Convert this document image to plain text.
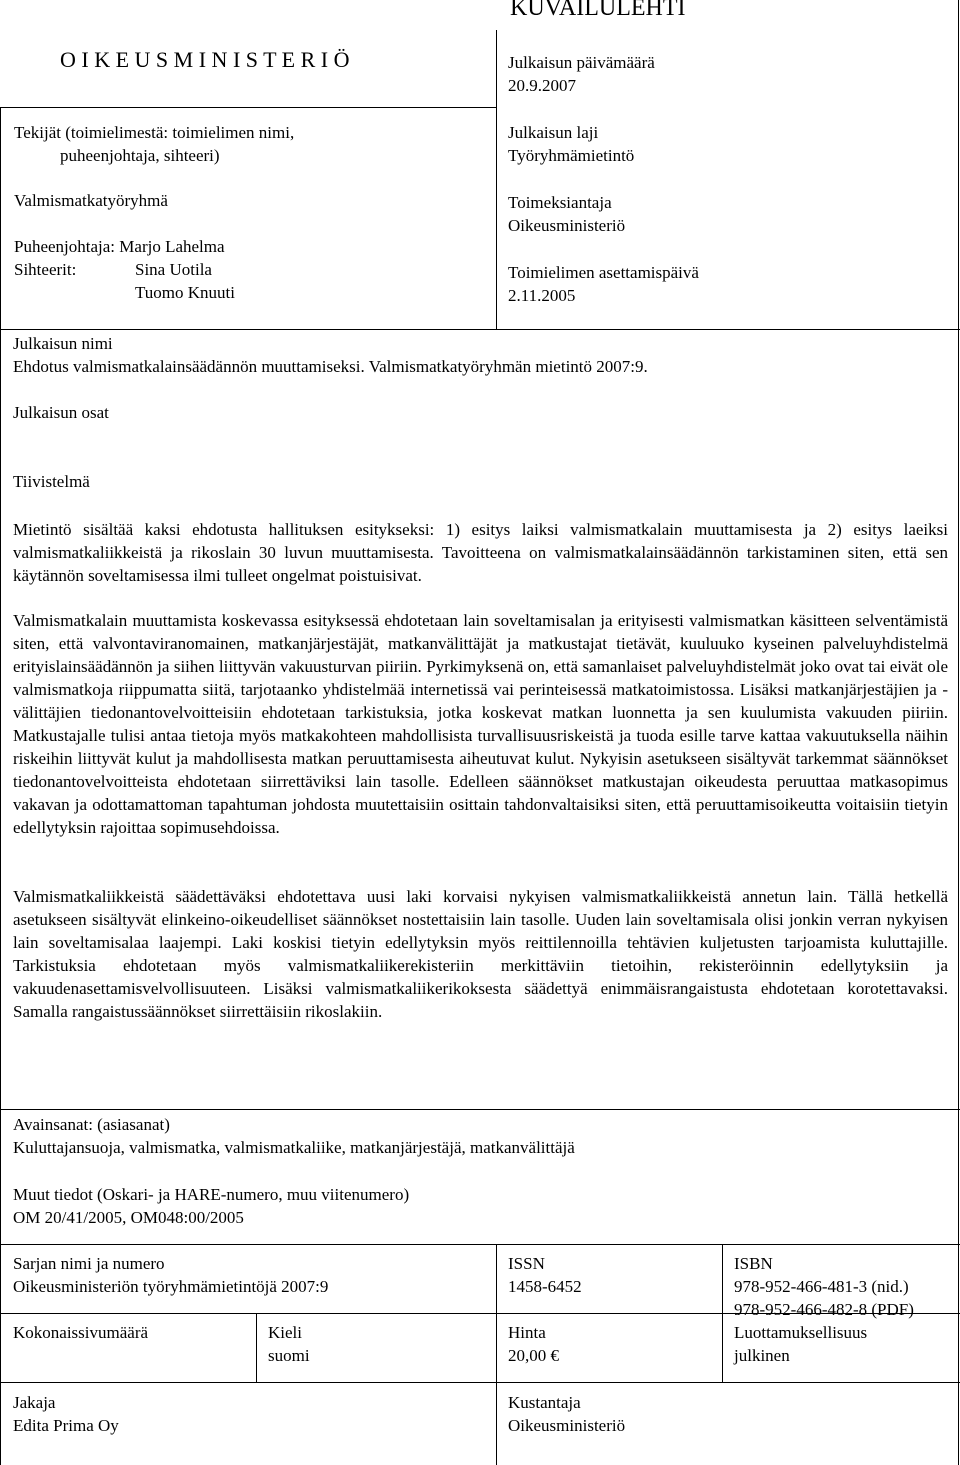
KUVAILULEHTI
O I K E U S M I N I S T E R I Ö
Tekijät (toimielimestä: toimielimen nimi,
puheenjohtaja, sihteeri)
Valmismatkatyöryhmä
Puheenjohtaja: Marjo Lahelma
Sihteerit:	Sina Uotila
Tuomo Knuuti
Julkaisun päivämäärä
20.9.2007
Julkaisun laji
Työryhmämietintö
Toimeksiantaja
Oikeusministeriö
Toimielimen asettamispäivä
2.11.2005
Julkaisun nimi
Ehdotus valmismatkalainsäädännön muuttamiseksi. Valmismatkatyöryhmän mietintö 2007:9.
Julkaisun osat
Tiivistelmä
Mietintö sisältää kaksi ehdotusta hallituksen esitykseksi: 1) esitys laiksi valmismatkalain muuttamisesta ja 2) esitys laeiksi valmismatkaliikkeistä ja rikoslain 30 luvun muuttamisesta. Tavoitteena on valmismatkalainsäädännön tarkistaminen siten, että sen käytännön soveltamisessa ilmi tulleet ongelmat poistuisivat.
Valmismatkalain muuttamista koskevassa esityksessä ehdotetaan lain soveltamisalan ja erityisesti valmismatkan käsitteen selventämistä siten, että valvontaviranomainen, matkanjärjestäjät, matkanvälittäjät ja matkustajat tietävät, kuuluuko kyseinen palveluyhdistelmä erityislainsäädännön ja siihen liittyvän vakuusturvan piiriin. Pyrkimyksenä on, että samanlaiset palveluyhdistelmät joko ovat tai eivät ole valmismatkoja riippumatta siitä, tarjotaanko yhdistelmää internetissä vai perinteisessä matkatoimistossa. Lisäksi matkanjärjestäjien ja -välittäjien tiedonantovelvoitteisiin ehdotetaan tarkistuksia, jotka koskevat matkan luonnetta ja sen kuulumista vakuuden piiriin. Matkustajalle tulisi antaa tietoja myös matkakohteen mahdollisista turvallisuusriskeistä ja tuoda esille tarve kattaa vakuutuksella näihin riskeihin liittyvät kulut ja mahdollisesta matkan peruuttamisesta aiheutuvat kulut. Nykyisin asetukseen sisältyvät tarkemmat säännökset tiedonantovelvoitteista ehdotetaan siirrettäviksi lain tasolle. Edelleen säännökset matkustajan oikeudesta peruuttaa matkasopimus vakavan ja odottamattoman tapahtuman johdosta muutettaisiin osittain tahdonvaltaisiksi siten, että peruuttamisoikeutta voitaisiin tietyin edellytyksin rajoittaa sopimusehdoissa.
Valmismatkaliikkeistä säädettäväksi ehdotettava uusi laki korvaisi nykyisen valmismatkaliikkeistä annetun lain. Tällä hetkellä asetukseen sisältyvät elinkeino-oikeudelliset säännökset nostettaisiin lain tasolle. Uuden lain soveltamisala olisi jonkin verran nykyisen lain soveltamisalaa laajempi. Laki koskisi tietyin edellytyksin myös reittilennoilla tehtävien kuljetusten tarjoamista kuluttajille. Tarkistuksia ehdotetaan myös valmismatkaliikerekisteriin merkittäviin tietoihin, rekisteröinnin edellytyksiin ja vakuudenasettamisvelvollisuuteen. Lisäksi valmismatkaliikerikoksesta säädettyä enimmäisrangaistusta ehdotetaan korotettavaksi. Samalla rangaistussäännökset siirrettäisiin rikoslakiin.
Avainsanat: (asiasanat)
Kuluttajansuoja, valmismatka, valmismatkaliike, matkanjärjestäjä, matkanvälittäjä
Muut tiedot (Oskari- ja HARE-numero, muu viitenumero)
OM 20/41/2005, OM048:00/2005
Sarjan nimi ja numero
Oikeusministeriön työryhmämietintöjä 2007:9
ISSN
1458-6452
ISBN
978-952-466-481-3 (nid.)
978-952-466-482-8 (PDF)
Kokonaissivumäärä	Kieli
suomi
Hinta
20,00 €
Luottamuksellisuus
julkinen
Jakaja
Edita Prima Oy
Kustantaja
Oikeusministeriö
